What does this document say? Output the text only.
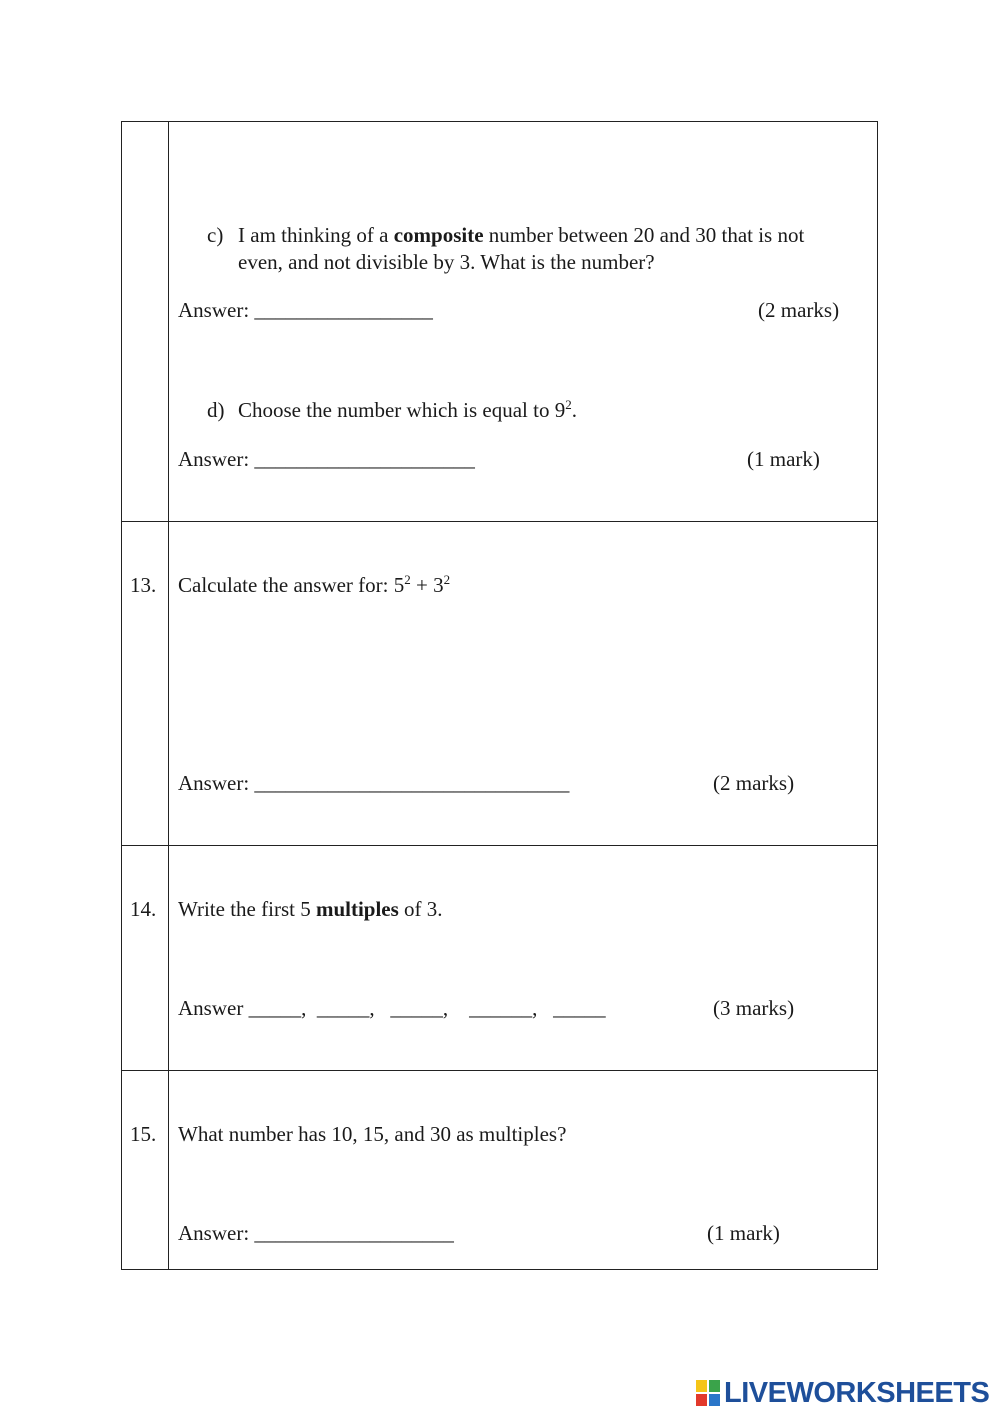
c) I am thinking of a composite number between 20 and 30 that is not
even, and not divisible by 3. What is the number?
Answer: _________________	(2 marks)
d) Choose the number which is equal to $9^2$.
Answer: _____________________	(1 mark)
13. Calculate the answer for: $5^2 + 3^2$
Answer: ______________________________	(2 marks)
14. Write the first 5 multiples of 3.
Answer _____,  _____,   _____,    ______,   _____	(3 marks)
15. What number has 10, 15, and 30 as multiples?
Answer: ___________________	(1 mark)
LIVEWORKSHEETS
